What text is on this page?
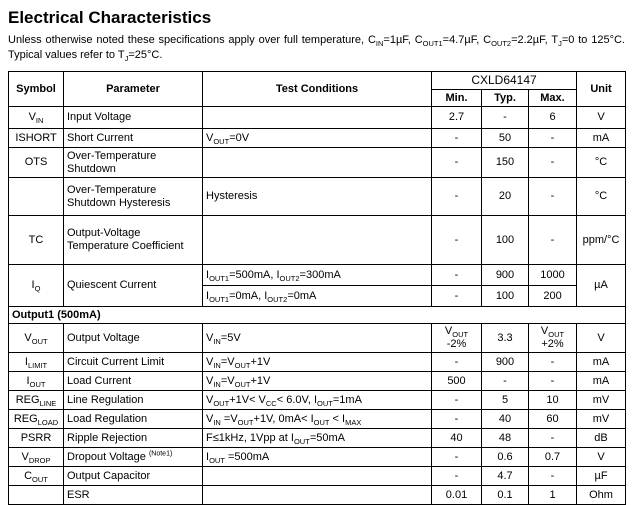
Electrical Characteristics

Unless otherwise noted these specifications apply over full temperature, $C_{IN}=1\mu F$, $C_{OUT1}=4.7\mu F$, $C_{OUT2}=2.2\mu F$, $T_J=0$ to 125°C. Typical values refer to $T_J=25^\circ C$.

Symbol	Parameter	Test Conditions	CXLD64147			Unit
			Min.	Typ.	Max.	
$V_{IN}$	Input Voltage		2.7	-	6	V
ISHORT	Short Current	$V_{OUT}=0V$	-	50	-	mA
OTS	Over-Temperature Shutdown		-	150	-	°C
	Over-Temperature Shutdown Hysteresis	Hysteresis	-	20	-	°C
TC	Output-Voltage Temperature Coefficient		-	100	-	ppm/°C
$I_Q$	Quiescent Current	$I_{OUT1}=500mA$, $I_{OUT2}=300mA$	-	900	1000	µA
		$I_{OUT1}=0mA$, $I_{OUT2}=0mA$	-	100	200	
Output1 (500mA)						
$V_{OUT}$	Output Voltage	$V_{IN}=5V$	$V_{OUT}$ -2%	3.3	$V_{OUT} +2\%$	V
$I_{LIMIT}$	Circuit Current Limit	$V_{IN}=V_{OUT}+1V$	-	900	-	mA
$I_{OUT}$	Load Current	$V_{IN}=V_{OUT}+1V$	500	-	-	mA
$REG_{LINE}$	Line Regulation	$V_{OUT}+1V< V_{CC}< 6.0V$, $I_{OUT}=1mA$	-	5	10	mV
$REG_{LOAD}$	Load Regulation	$V_{IN} =V_{OUT}+1V$, $0mA< I_{OUT} < I_{MAX}$	-	40	60	mV
PSRR	Ripple Rejection	F≤1kHz, 1Vpp at $I_{OUT}=50mA$	40	48	-	dB
$V_{DROP}$	Dropout Voltage $^{(Note1)}$	$I_{OUT} =500mA$	-	0.6	0.7	V
$C_{OUT}$	Output Capacitor		-	4.7	-	µF
	ESR		0.01	0.1	1	Ohm
